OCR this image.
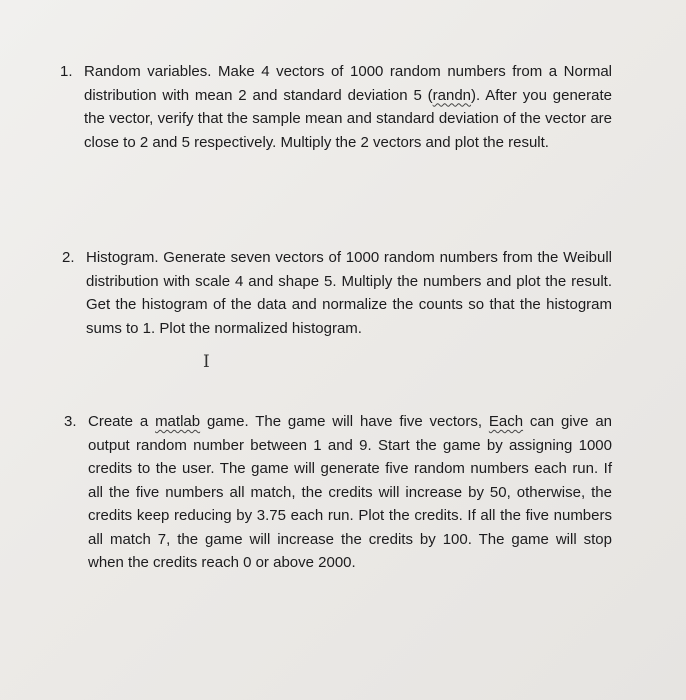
1. Random variables. Make 4 vectors of 1000 random numbers from a Normal distribution with mean 2 and standard deviation 5 (randn). After you generate the vector, verify that the sample mean and standard deviation of the vector are close to 2 and 5 respectively. Multiply the 2 vectors and plot the result.
2. Histogram. Generate seven vectors of 1000 random numbers from the Weibull distribution with scale 4 and shape 5. Multiply the numbers and plot the result. Get the histogram of the data and normalize the counts so that the histogram sums to 1. Plot the normalized histogram.
I
3. Create a matlab game. The game will have five vectors, Each can give an output random number between 1 and 9. Start the game by assigning 1000 credits to the user. The game will generate five random numbers each run. If all the five numbers all match, the credits will increase by 50, otherwise, the credits keep reducing by 3.75 each run. Plot the credits. If all the five numbers all match 7, the game will increase the credits by 100. The game will stop when the credits reach 0 or above 2000.
